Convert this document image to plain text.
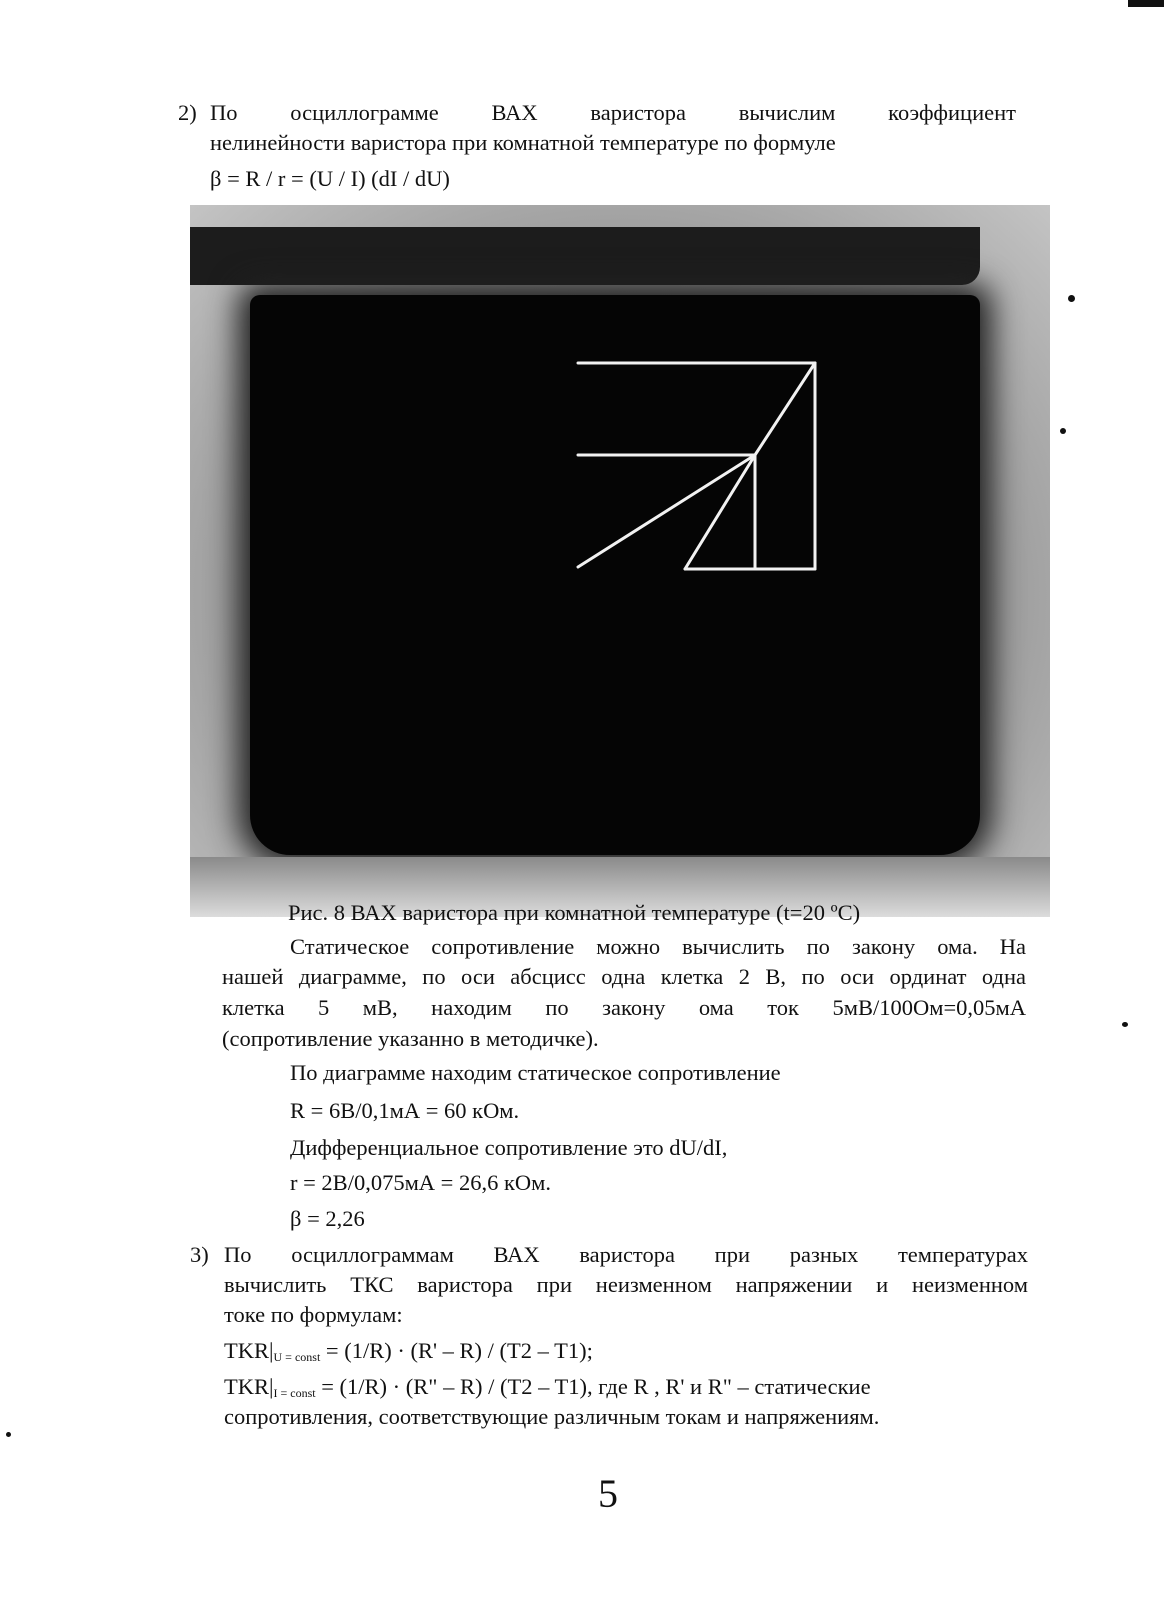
2) По осциллограмме ВАХ варистора вычислим коэффициент
нелинейности варистора при комнатной температуре по формуле
β = R / r = (U / I) (dI / dU)
Рис. 8 ВАХ варистора при комнатной температуре (t=20 ºС)
Статическое сопротивление можно вычислить по закону ома. На
нашей диаграмме, по оси абсцисс одна клетка 2 В, по оси ординат одна
клетка 5 мВ, находим по закону ома ток 5мВ/100Ом=0,05мА
(сопротивление указанно в методичке).
По диаграмме находим статическое сопротивление
R = 6В/0,1мА = 60 кОм.
Дифференциальное сопротивление это dU/dI,
r = 2В/0,075мА = 26,6 кОм.
β = 2,26
3) По осциллограммам ВАХ варистора при разных температурах
вычислить ТКС варистора при неизменном напряжении и неизменном
токе по формулам:
$TKR|_{U = const} = (1/R) \cdot (R' - R) / (T2 - T1)$;
$TKR|_{I = const} = (1/R) \cdot (R$" – R) / (T2 – T1), где R , R' и R" – статические
сопротивления, соответствующие различным токам и напряжениям.
5
